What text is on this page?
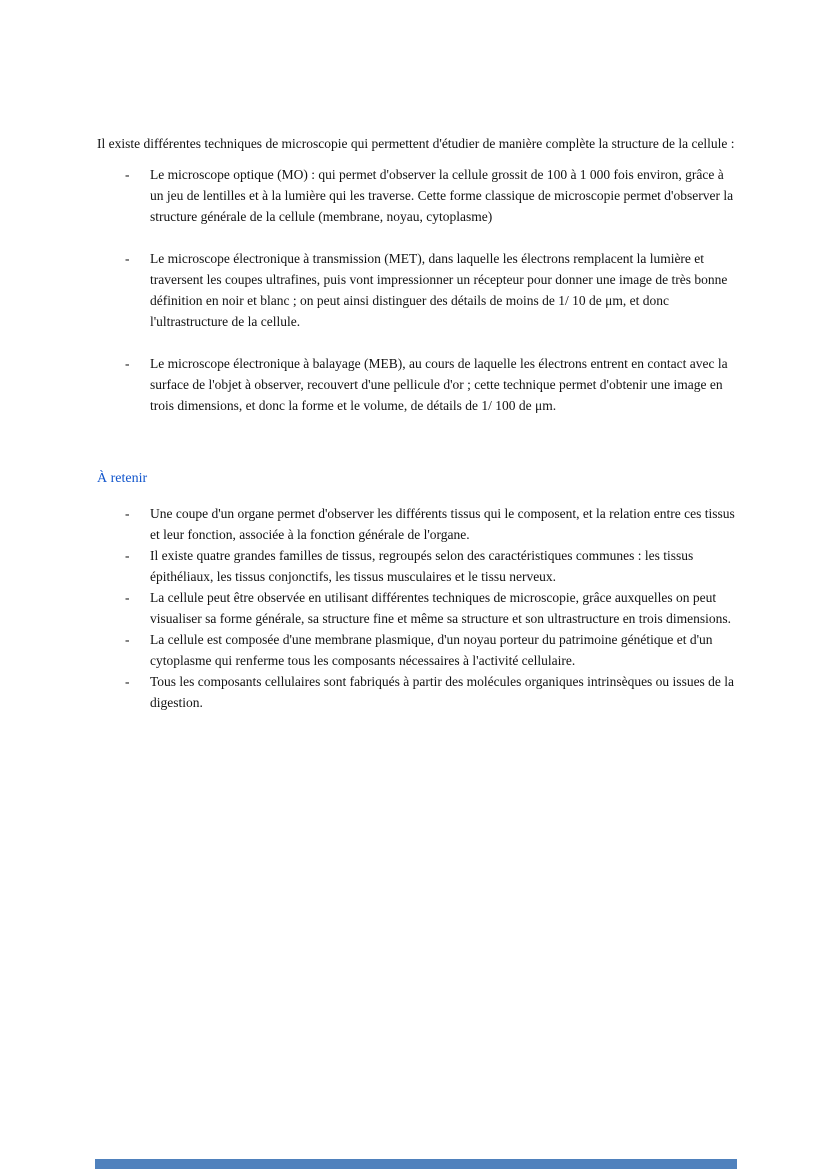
Il existe différentes techniques de microscopie qui permettent d'étudier de manière complète la structure de la cellule :

-	Le microscope optique (MO) : qui permet d'observer la cellule grossit de 100 à 1 000 fois environ, grâce à un jeu de lentilles et à la lumière qui les traverse. Cette forme classique de microscopie permet d'observer la structure générale de la cellule (membrane, noyau, cytoplasme)
-	Le microscope électronique à transmission (MET), dans laquelle les électrons remplacent la lumière et traversent les coupes ultrafines, puis vont impressionner un récepteur pour donner une image de très bonne définition en noir et blanc ; on peut ainsi distinguer des détails de moins de 1/ 10 de μm, et donc l'ultrastructure de la cellule.
-	Le microscope électronique à balayage (MEB), au cours de laquelle les électrons entrent en contact avec la surface de l'objet à observer, recouvert d'une pellicule d'or ; cette technique permet d'obtenir une image en trois dimensions, et donc la forme et le volume, de détails de 1/ 100 de μm.
À retenir
-	Une coupe d'un organe permet d'observer les différents tissus qui le composent, et la relation entre ces tissus et leur fonction, associée à la fonction générale de l'organe.
-	Il existe quatre grandes familles de tissus, regroupés selon des caractéristiques communes : les tissus épithéliaux, les tissus conjonctifs, les tissus musculaires et le tissu nerveux.
-	La cellule peut être observée en utilisant différentes techniques de microscopie, grâce auxquelles on peut visualiser sa forme générale, sa structure fine et même sa structure et son ultrastructure en trois dimensions.
-	La cellule est composée d'une membrane plasmique, d'un noyau porteur du patrimoine génétique et d'un cytoplasme qui renferme tous les composants nécessaires à l'activité cellulaire.
-	Tous les composants cellulaires sont fabriqués à partir des molécules organiques intrinsèques ou issues de la digestion.
